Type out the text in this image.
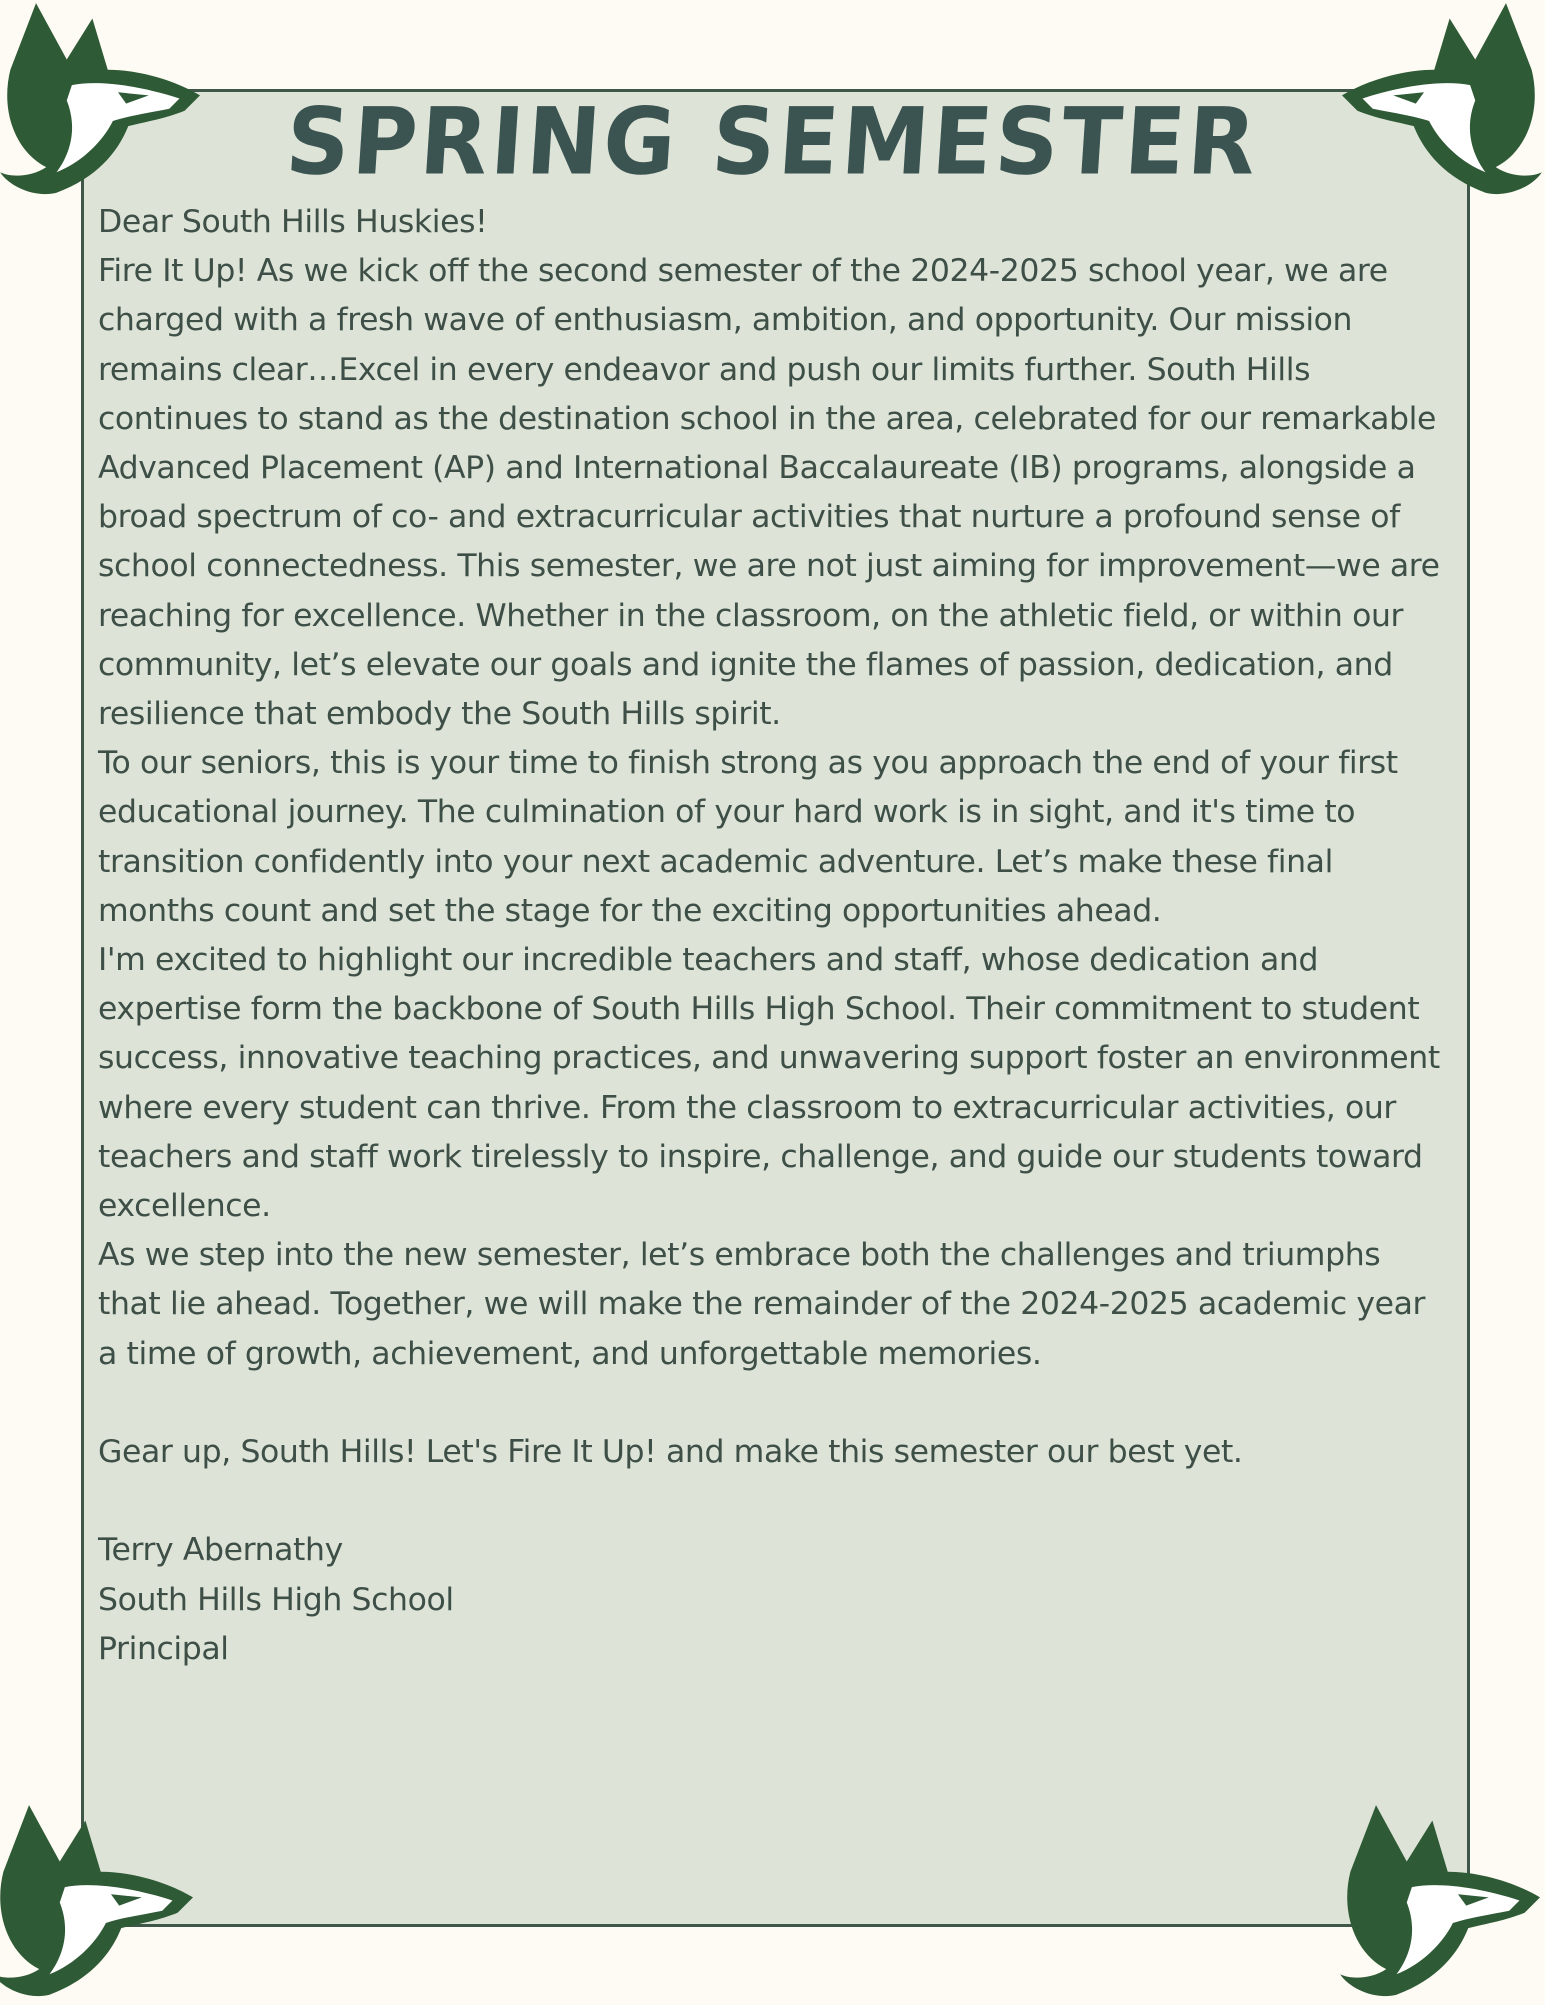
SPRING SEMESTER

Dear South Hills Huskies!

Fire It Up! As we kick off the second semester of the 2024-2025 school year, we are charged with a fresh wave of enthusiasm, ambition, and opportunity. Our mission remains clear…Excel in every endeavor and push our limits further. South Hills continues to stand as the destination school in the area, celebrated for our remarkable Advanced Placement (AP) and International Baccalaureate (IB) programs, alongside a broad spectrum of co- and extracurricular activities that nurture a profound sense of school connectedness. This semester, we are not just aiming for improvement—we are reaching for excellence. Whether in the classroom, on the athletic field, or within our community, let’s elevate our goals and ignite the flames of passion, dedication, and resilience that embody the South Hills spirit.

To our seniors, this is your time to finish strong as you approach the end of your first educational journey. The culmination of your hard work is in sight, and it's time to transition confidently into your next academic adventure. Let’s make these final months count and set the stage for the exciting opportunities ahead.

I'm excited to highlight our incredible teachers and staff, whose dedication and expertise form the backbone of South Hills High School. Their commitment to student success, innovative teaching practices, and unwavering support foster an environment where every student can thrive. From the classroom to extracurricular activities, our teachers and staff work tirelessly to inspire, challenge, and guide our students toward excellence.

As we step into the new semester, let’s embrace both the challenges and triumphs that lie ahead. Together, we will make the remainder of the 2024-2025 academic year a time of growth, achievement, and unforgettable memories.

Gear up, South Hills! Let's Fire It Up! and make this semester our best yet.

Terry Abernathy

South Hills High School

Principal
